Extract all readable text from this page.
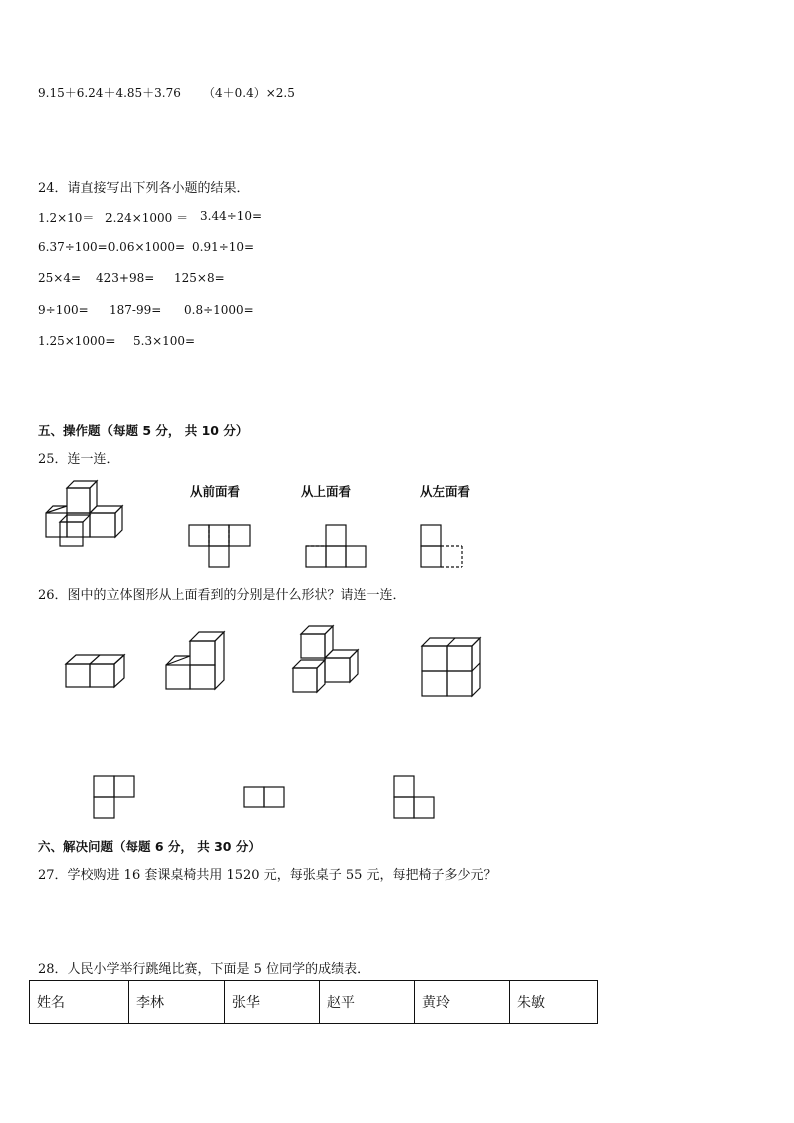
9.15＋6.24＋4.85＋3.76 （4＋0.4）×2.5
24．请直接写出下列各小题的结果．
1.2×10＝ 2.24×1000 ＝ 3.44÷10=
6.37÷100=0.06×1000= 0.91÷10=
25×4= 423+98= 125×8=
9÷100= 187-99= 0.8÷1000=
1.25×1000= 5.3×100=
五、操作题（每题 5 分， 共 10 分）
25．连一连．
从前面看	从上面看	从左面看
26．图中的立体图形从上面看到的分别是什么形状？请连一连．
六、解决问题（每题 6 分， 共 30 分）
27．学校购进 16 套课桌椅共用 1520 元，每张桌子 55 元，每把椅子多少元？
28．人民小学举行跳绳比赛，下面是 5 位同学的成绩表．
姓名	李林	张华	赵平	黄玲	朱敏
